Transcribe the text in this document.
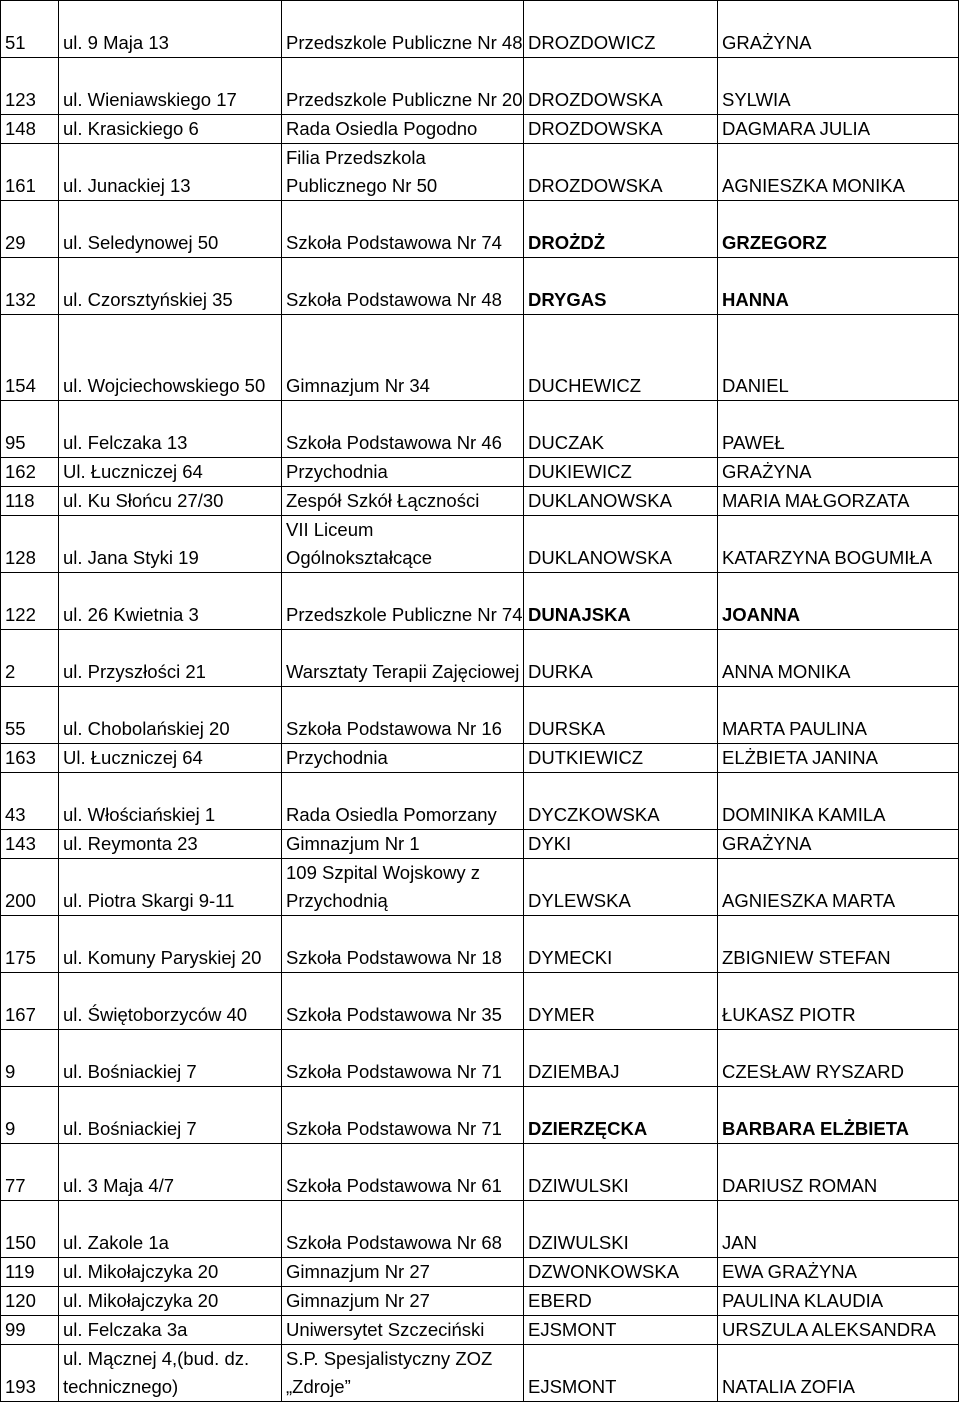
51	ul. 9 Maja 13	Przedszkole Publiczne Nr 48	DROZDOWICZ	GRAŻYNA
123	ul. Wieniawskiego 17	Przedszkole Publiczne Nr 20	DROZDOWSKA	SYLWIA
148	ul. Krasickiego 6	Rada Osiedla Pogodno	DROZDOWSKA	DAGMARA JULIA
161	ul. Junackiej 13	Filia Przedszkola Publicznego Nr 50	DROZDOWSKA	AGNIESZKA MONIKA
29	ul. Seledynowej 50	Szkoła Podstawowa Nr 74	DROŻDŻ	GRZEGORZ
132	ul. Czorsztyńskiej 35	Szkoła Podstawowa Nr 48	DRYGAS	HANNA
154	ul. Wojciechowskiego 50	Gimnazjum Nr 34	DUCHEWICZ	DANIEL
95	ul. Felczaka 13	Szkoła Podstawowa Nr 46	DUCZAK	PAWEŁ
162	Ul. Łuczniczej 64	Przychodnia	DUKIEWICZ	GRAŻYNA
118	ul. Ku Słońcu 27/30	Zespół Szkół Łączności	DUKLANOWSKA	MARIA MAŁGORZATA
128	ul. Jana Styki 19	VII Liceum Ogólnokształcące	DUKLANOWSKA	KATARZYNA BOGUMIŁA
122	ul. 26 Kwietnia 3	Przedszkole Publiczne Nr 74	DUNAJSKA	JOANNA
2	ul. Przyszłości 21	Warsztaty Terapii Zajęciowej	DURKA	ANNA MONIKA
55	ul. Chobolańskiej 20	Szkoła Podstawowa Nr 16	DURSKA	MARTA PAULINA
163	Ul. Łuczniczej 64	Przychodnia	DUTKIEWICZ	ELŻBIETA JANINA
43	ul. Włościańskiej 1	Rada Osiedla Pomorzany	DYCZKOWSKA	DOMINIKA KAMILA
143	ul. Reymonta 23	Gimnazjum Nr 1	DYKI	GRAŻYNA
200	ul. Piotra Skargi 9-11	109 Szpital Wojskowy z Przychodnią	DYLEWSKA	AGNIESZKA MARTA
175	ul. Komuny Paryskiej 20	Szkoła Podstawowa Nr 18	DYMECKI	ZBIGNIEW STEFAN
167	ul. Świętoborzyców 40	Szkoła Podstawowa Nr 35	DYMER	ŁUKASZ PIOTR
9	ul. Bośniackiej 7	Szkoła Podstawowa Nr 71	DZIEMBAJ	CZESŁAW RYSZARD
9	ul. Bośniackiej 7	Szkoła Podstawowa Nr 71	DZIERZĘCKA	BARBARA ELŻBIETA
77	ul. 3 Maja 4/7	Szkoła Podstawowa Nr 61	DZIWULSKI	DARIUSZ ROMAN
150	ul. Zakole 1a	Szkoła Podstawowa Nr 68	DZIWULSKI	JAN
119	ul. Mikołajczyka 20	Gimnazjum Nr 27	DZWONKOWSKA	EWA GRAŻYNA
120	ul. Mikołajczyka 20	Gimnazjum Nr 27	EBERD	PAULINA KLAUDIA
99	ul. Felczaka 3a	Uniwersytet Szczeciński	EJSMONT	URSZULA ALEKSANDRA
193	ul. Mącznej 4,(bud. dz. technicznego)	S.P. Spesjalistyczny ZOZ „Zdroje”	EJSMONT	NATALIA ZOFIA
